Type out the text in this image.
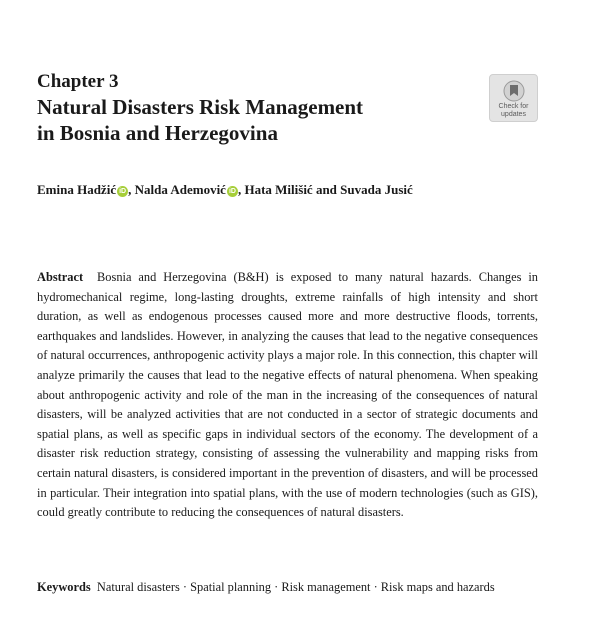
Chapter 3
Natural Disasters Risk Management
in Bosnia and Herzegovina
Check for
updates
Emina Hadžić iD , Nalda Ademović iD , Hata Milišić and Suvada Jusić

Abstract Bosnia and Herzegovina (B&H) is exposed to many natural hazards. Changes in hydromechanical regime, long-lasting droughts, extreme rainfalls of high intensity and short duration, as well as endogenous processes caused more and more destructive floods, torrents, earthquakes and landslides. However, in analyzing the causes that lead to the negative consequences of natural occurrences, anthropogenic activity plays a major role. In this connection, this chapter will analyze primarily the causes that lead to the negative effects of natural phenomena. When speaking about anthropogenic activity and role of the man in the increasing of the consequences of natural disasters, will be analyzed activities that are not conducted in a sector of strategic documents and spatial plans, as well as specific gaps in individual sectors of the economy. The development of a disaster risk reduction strategy, consisting of assessing the vulnerability and mapping risks from certain natural disasters, is considered important in the prevention of disasters, and will be processed in particular. Their integration into spatial plans, with the use of modern technologies (such as GIS), could greatly contribute to reducing the consequences of natural disasters.

Keywords Natural disasters · Spatial planning · Risk management · Risk maps and hazards
